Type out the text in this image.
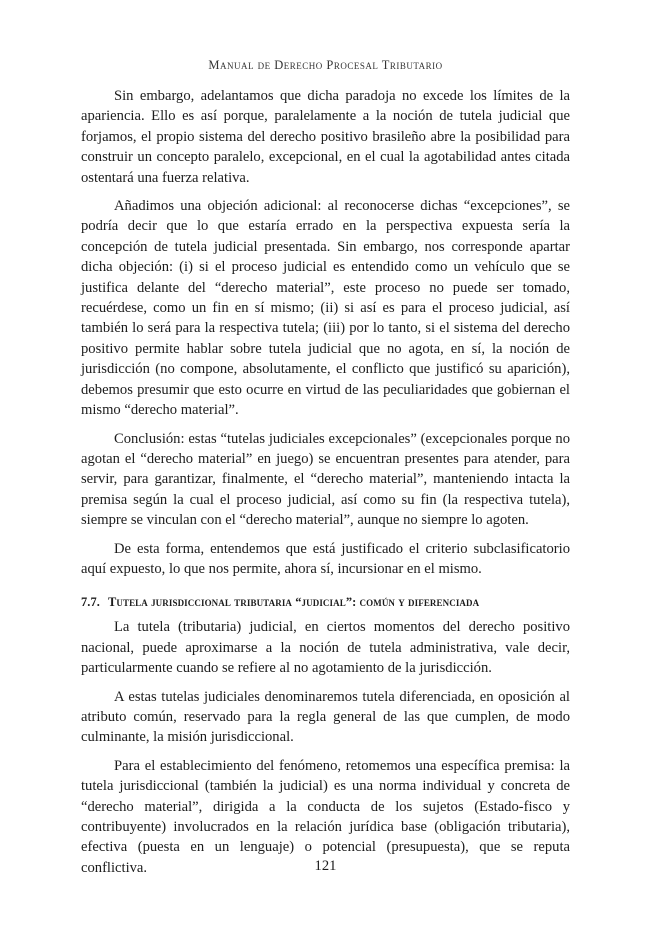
Manual de Derecho Procesal Tributario

Sin embargo, adelantamos que dicha paradoja no excede los límites de la apariencia. Ello es así porque, paralelamente a la noción de tutela judicial que forjamos, el propio sistema del derecho positivo brasileño abre la posibilidad para construir un concepto paralelo, excepcional, en el cual la agotabilidad antes citada ostentará una fuerza relativa.

Añadimos una objeción adicional: al reconocerse dichas “excepciones”, se podría decir que lo que estaría errado en la perspectiva expuesta sería la concepción de tutela judicial presentada. Sin embargo, nos corresponde apartar dicha objeción: (i) si el proceso judicial es entendido como un vehículo que se justifica delante del “derecho material”, este proceso no puede ser tomado, recuérdese, como un fin en sí mismo; (ii) si así es para el proceso judicial, así también lo será para la respectiva tutela; (iii) por lo tanto, si el sistema del derecho positivo permite hablar sobre tutela judicial que no agota, en sí, la noción de jurisdicción (no compone, absolutamente, el conflicto que justificó su aparición), debemos presumir que esto ocurre en virtud de las peculiaridades que gobiernan el mismo “derecho material”.

Conclusión: estas “tutelas judiciales excepcionales” (excepcionales porque no agotan el “derecho material” en juego) se encuentran presentes para atender, para servir, para garantizar, finalmente, el “derecho material”, manteniendo intacta la premisa según la cual el proceso judicial, así como su fin (la respectiva tutela), siempre se vinculan con el “derecho material”, aunque no siempre lo agoten.

De esta forma, entendemos que está justificado el criterio subclasificatorio aquí expuesto, lo que nos permite, ahora sí, incursionar en el mismo.

7.7. Tutela jurisdiccional tributaria “judicial”: común y diferenciada

La tutela (tributaria) judicial, en ciertos momentos del derecho positivo nacional, puede aproximarse a la noción de tutela administrativa, vale decir, particularmente cuando se refiere al no agotamiento de la jurisdicción.

A estas tutelas judiciales denominaremos tutela diferenciada, en oposición al atributo común, reservado para la regla general de las que cumplen, de modo culminante, la misión jurisdiccional.

Para el establecimiento del fenómeno, retomemos una específica premisa: la tutela jurisdiccional (también la judicial) es una norma individual y concreta de “derecho material”, dirigida a la conducta de los sujetos (Estado-fisco y contribuyente) involucrados en la relación jurídica base (obligación tributaria), efectiva (puesta en un lenguaje) o potencial (presupuesta), que se reputa conflictiva.	121
